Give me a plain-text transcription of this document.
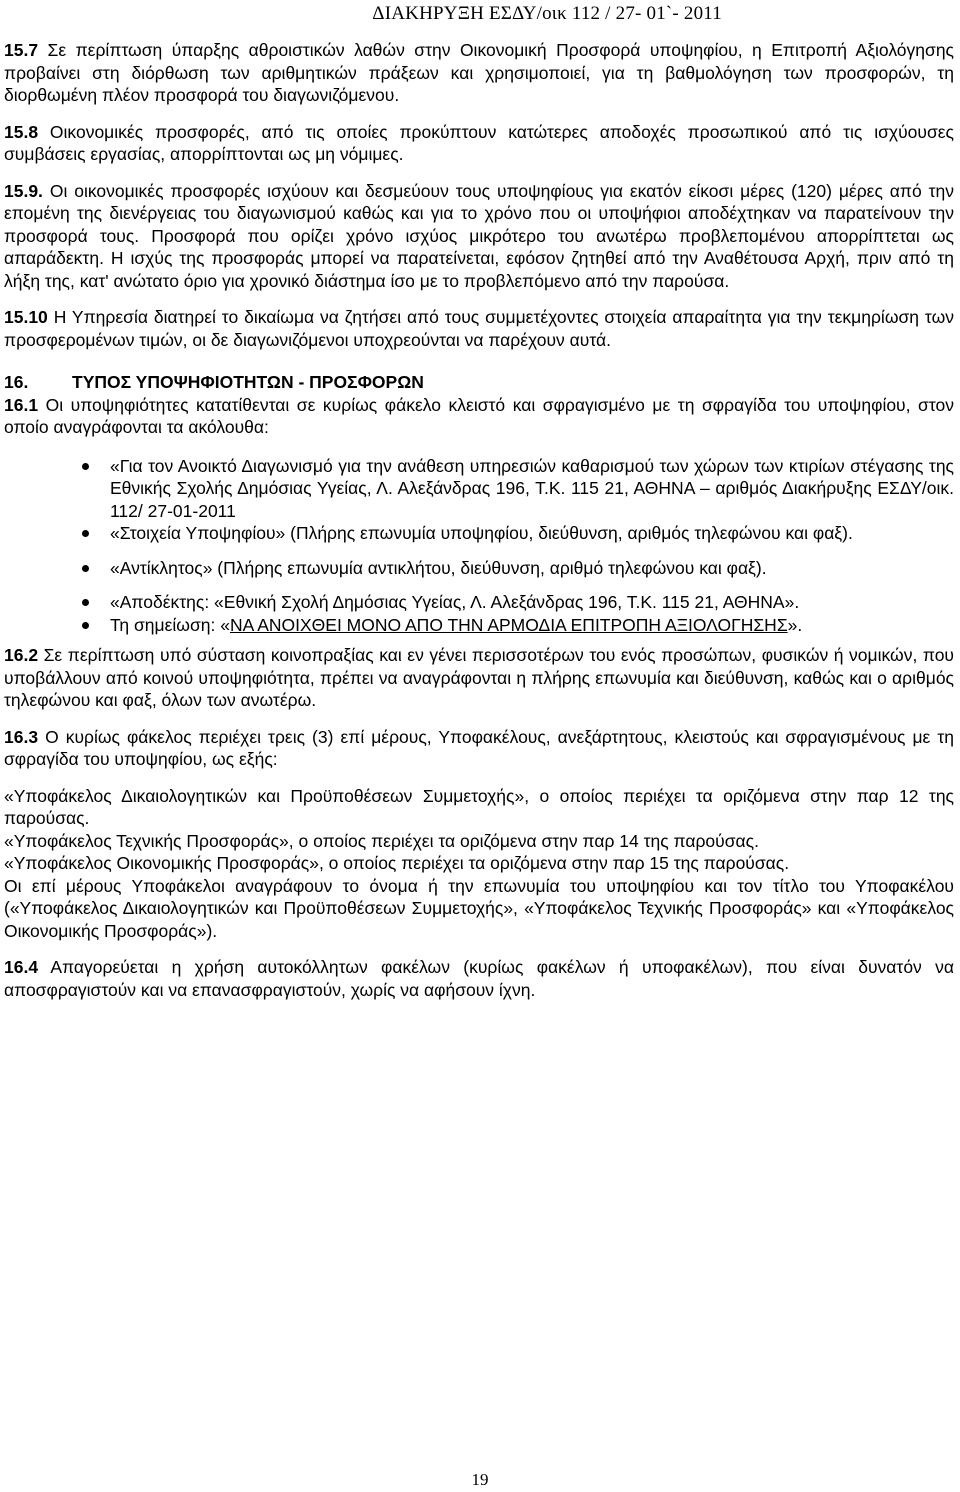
ΔΙΑΚΗΡΥΞΗ ΕΣΔΥ/οικ 112 / 27- 01`- 2011

15.7 Σε περίπτωση ύπαρξης αθροιστικών λαθών στην Οικονομική Προσφορά υποψηφίου, η Επιτροπή Αξιολόγησης προβαίνει στη διόρθωση των αριθμητικών πράξεων και χρησιμοποιεί, για τη βαθμολόγηση των προσφορών, τη διορθωμένη πλέον προσφορά του διαγωνιζόμενου.

15.8 Οικονομικές προσφορές, από τις οποίες προκύπτουν κατώτερες αποδοχές προσωπικού από τις ισχύουσες συμβάσεις εργασίας, απορρίπτονται ως μη νόμιμες.

15.9. Οι οικονομικές προσφορές ισχύουν και δεσμεύουν τους υποψηφίους για εκατόν είκοσι μέρες (120) μέρες από την επομένη της διενέργειας του διαγωνισμού καθώς και για το χρόνο που οι υποψήφιοι αποδέχτηκαν να παρατείνουν την προσφορά τους. Προσφορά που ορίζει χρόνο ισχύος μικρότερο του ανωτέρω προβλεπομένου απορρίπτεται ως απαράδεκτη. Η ισχύς της προσφοράς μπορεί να παρατείνεται, εφόσον ζητηθεί από την Αναθέτουσα Αρχή, πριν από τη λήξη της, κατ' ανώτατο όριο για χρονικό διάστημα ίσο με το προβλεπόμενο από την παρούσα.

15.10 Η Υπηρεσία διατηρεί το δικαίωμα να ζητήσει από τους συμμετέχοντες στοιχεία απαραίτητα για την τεκμηρίωση των προσφερομένων τιμών, οι δε διαγωνιζόμενοι υποχρεούνται να παρέχουν αυτά.

16. ΤΥΠΟΣ ΥΠΟΨΗΦΙΟΤΗΤΩΝ - ΠΡΟΣΦΟΡΩΝ

16.1 Οι υποψηφιότητες κατατίθενται σε κυρίως φάκελο κλειστό και σφραγισμένο με τη σφραγίδα του υποψηφίου, στον οποίο αναγράφονται τα ακόλουθα:

«Για τον Ανοικτό Διαγωνισμό για την ανάθεση υπηρεσιών καθαρισμού των χώρων των κτιρίων στέγασης της Εθνικής Σχολής Δημόσιας Υγείας, Λ. Αλεξάνδρας 196, Τ.Κ. 115 21, ΑΘΗΝΑ – αριθμός Διακήρυξης ΕΣΔΥ/οικ. 112/ 27-01-2011
«Στοιχεία Υποψηφίου» (Πλήρης επωνυμία υποψηφίου, διεύθυνση, αριθμός τηλεφώνου και φαξ).
«Αντίκλητος» (Πλήρης επωνυμία αντικλήτου, διεύθυνση, αριθμό τηλεφώνου και φαξ).
«Αποδέκτης: «Εθνική Σχολή Δημόσιας Υγείας, Λ. Αλεξάνδρας 196, Τ.Κ. 115 21, ΑΘΗΝΑ».
Τη σημείωση: «ΝΑ ΑΝΟΙΧΘΕΙ ΜΟΝΟ ΑΠΟ ΤΗΝ ΑΡΜΟΔΙΑ ΕΠΙΤΡΟΠΗ ΑΞΙΟΛΟΓΗΣΗΣ».

16.2 Σε περίπτωση υπό σύσταση κοινοπραξίας και εν γένει περισσοτέρων του ενός προσώπων, φυσικών ή νομικών, που υποβάλλουν από κοινού υποψηφιότητα, πρέπει να αναγράφονται η πλήρης επωνυμία και διεύθυνση, καθώς και ο αριθμός τηλεφώνου και φαξ, όλων των ανωτέρω.

16.3 Ο κυρίως φάκελος περιέχει τρεις (3) επί μέρους, Υποφακέλους, ανεξάρτητους, κλειστούς και σφραγισμένους με τη σφραγίδα του υποψηφίου, ως εξής:

«Υποφάκελος Δικαιολογητικών και Προϋποθέσεων Συμμετοχής», ο οποίος περιέχει τα οριζόμενα στην παρ 12 της παρούσας.

«Υποφάκελος Τεχνικής Προσφοράς», ο οποίος περιέχει τα οριζόμενα στην παρ 14 της παρούσας.

«Υποφάκελος Οικονομικής Προσφοράς», ο οποίος περιέχει τα οριζόμενα στην παρ 15 της παρούσας.

Οι επί μέρους Υποφάκελοι αναγράφουν το όνομα ή την επωνυμία του υποψηφίου και τον τίτλο του Υποφακέλου («Υποφάκελος Δικαιολογητικών και Προϋποθέσεων Συμμετοχής», «Υποφάκελος Τεχνικής Προσφοράς» και «Υποφάκελος Οικονομικής Προσφοράς»).

16.4 Απαγορεύεται η χρήση αυτοκόλλητων φακέλων (κυρίως φακέλων ή υποφακέλων), που είναι δυνατόν να αποσφραγιστούν και να επανασφραγιστούν, χωρίς να αφήσουν ίχνη.

19
